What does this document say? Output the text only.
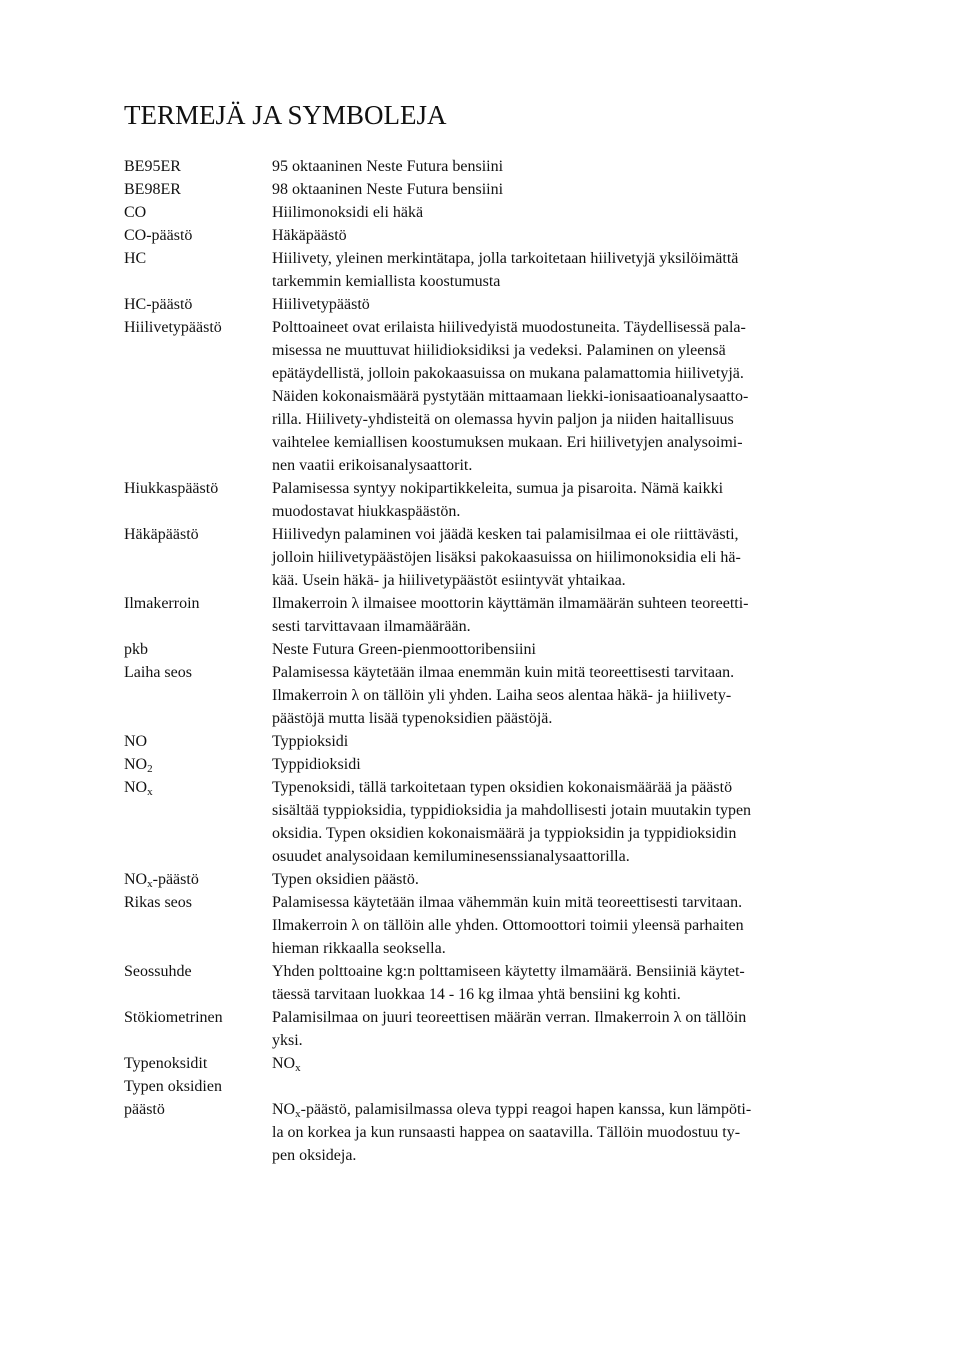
TERMEJÄ JA SYMBOLEJA
BE95ER	95 oktaaninen Neste Futura bensiini
BE98ER	98 oktaaninen Neste Futura bensiini
CO	Hiilimonoksidi eli häkä
CO-päästö	Häkäpäästö
HC	Hiilivety, yleinen merkintätapa, jolla tarkoitetaan hiilivetyjä yksilöimättä
tarkemmin kemiallista koostumusta
HC-päästö	Hiilivetypäästö
Hiilivetypäästö	Polttoaineet ovat erilaista hiilivedyistä muodostuneita. Täydellisessä pala-
misessa ne muuttuvat hiilidioksidiksi ja vedeksi. Palaminen on yleensä
epätäydellistä, jolloin pakokaasuissa on mukana palamattomia hiilivetyjä.
Näiden kokonaismäärä pystytään mittaamaan liekki-ionisaatioanalysaatto-
rilla. Hiilivety-yhdisteitä on olemassa hyvin paljon ja niiden haitallisuus
vaihtelee kemiallisen koostumuksen mukaan. Eri hiilivetyjen analysoimi-
nen vaatii erikoisanalysaattorit.
Hiukkaspäästö	Palamisessa syntyy nokipartikkeleita, sumua ja pisaroita. Nämä kaikki
muodostavat hiukkaspäästön.
Häkäpäästö	Hiilivedyn palaminen voi jäädä kesken tai palamisilmaa ei ole riittävästi,
jolloin hiilivetypäästöjen lisäksi pakokaasuissa on hiilimonoksidia eli hä-
kää. Usein häkä- ja hiilivetypäästöt esiintyvät yhtaikaa.
Ilmakerroin	Ilmakerroin λ ilmaisee moottorin käyttämän ilmamäärän suhteen teoreetti-
sesti tarvittavaan ilmamäärään.
pkb	Neste Futura Green-pienmoottoribensiini
Laiha seos	Palamisessa käytetään ilmaa enemmän kuin mitä teoreettisesti tarvitaan.
Ilmakerroin λ on tällöin yli yhden. Laiha seos alentaa häkä- ja hiilivety-
päästöjä mutta lisää typenoksidien päästöjä.
NO	Typpioksidi
$NO_2$	Typpidioksidi
$NO_x$	Typenoksidi, tällä tarkoitetaan typen oksidien kokonaismäärää ja päästö
sisältää typpioksidia, typpidioksidia ja mahdollisesti jotain muutakin typen
oksidia. Typen oksidien kokonaismäärä ja typpioksidin ja typpidioksidin
osuudet analysoidaan kemiluminesenssianalysaattorilla.
$NO_x$-päästö	Typen oksidien päästö.
Rikas seos	Palamisessa käytetään ilmaa vähemmän kuin mitä teoreettisesti tarvitaan.
Ilmakerroin λ on tällöin alle yhden. Ottomoottori toimii yleensä parhaiten
hieman rikkaalla seoksella.
Seossuhde	Yhden polttoaine kg:n polttamiseen käytetty ilmamäärä. Bensiiniä käytet-
täessä tarvitaan luokkaa 14 - 16 kg ilmaa yhtä bensiini kg kohti.
Stökiometrinen	Palamisilmaa on juuri teoreettisen määrän verran. Ilmakerroin λ on tällöin
yksi.
Typenoksidit	$NO_x$
Typen oksidien
päästö
	$NO_x$-päästö, palamisilmassa oleva typpi reagoi hapen kanssa, kun lämpöti-
la on korkea ja kun runsaasti happea on saatavilla. Tällöin muodostuu ty-
pen oksideja.
